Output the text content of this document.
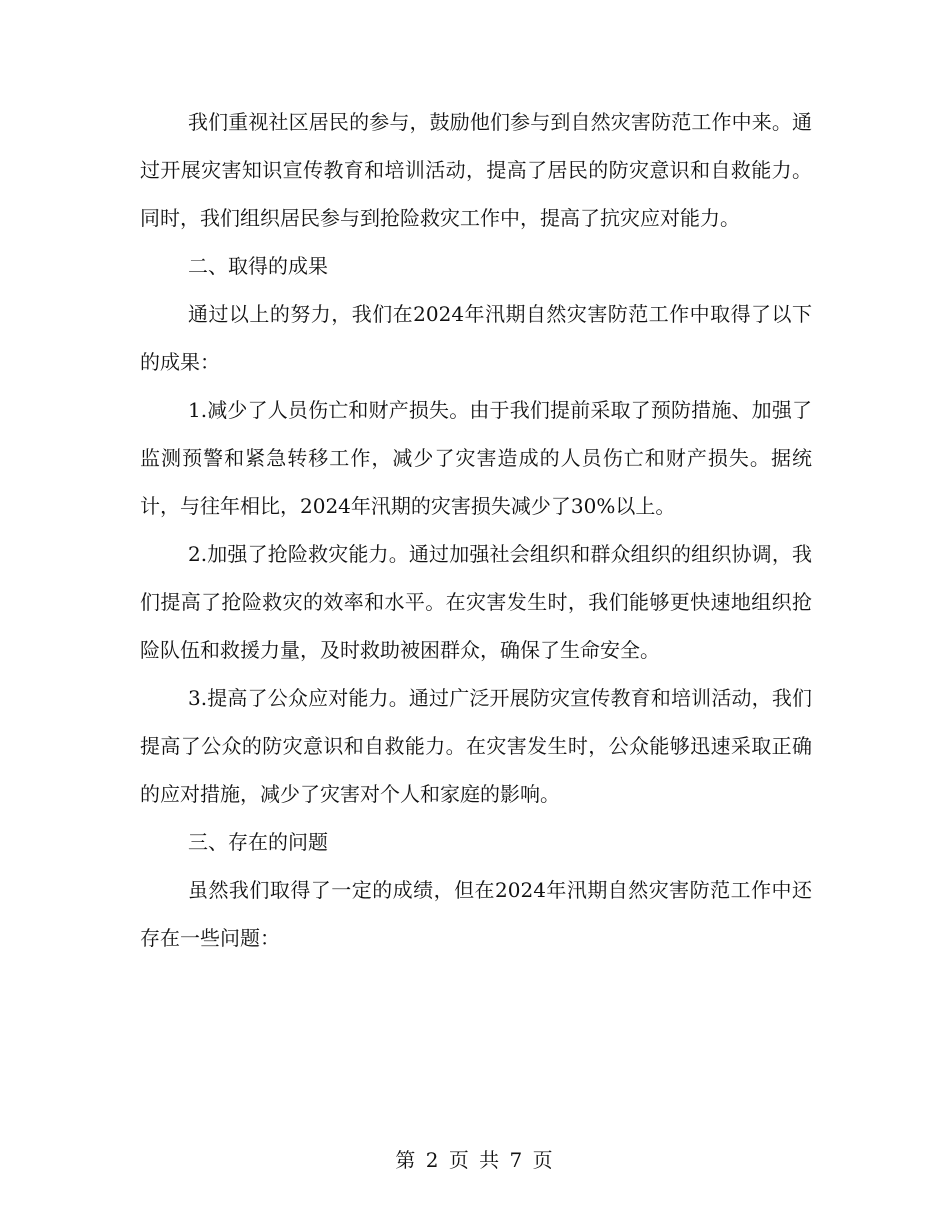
我们重视社区居民的参与，鼓励他们参与到自然灾害防范工作中来。通过开展灾害知识宣传教育和培训活动，提高了居民的防灾意识和自救能力。同时，我们组织居民参与到抢险救灾工作中，提高了抗灾应对能力。

二、取得的成果

通过以上的努力，我们在2024年汛期自然灾害防范工作中取得了以下的成果：

1.减少了人员伤亡和财产损失。由于我们提前采取了预防措施、加强了监测预警和紧急转移工作，减少了灾害造成的人员伤亡和财产损失。据统计，与往年相比，2024年汛期的灾害损失减少了30%以上。

2.加强了抢险救灾能力。通过加强社会组织和群众组织的组织协调，我们提高了抢险救灾的效率和水平。在灾害发生时，我们能够更快速地组织抢险队伍和救援力量，及时救助被困群众，确保了生命安全。

3.提高了公众应对能力。通过广泛开展防灾宣传教育和培训活动，我们提高了公众的防灾意识和自救能力。在灾害发生时，公众能够迅速采取正确的应对措施，减少了灾害对个人和家庭的影响。

三、存在的问题

虽然我们取得了一定的成绩，但在2024年汛期自然灾害防范工作中还存在一些问题：

第 2 页 共 7 页
